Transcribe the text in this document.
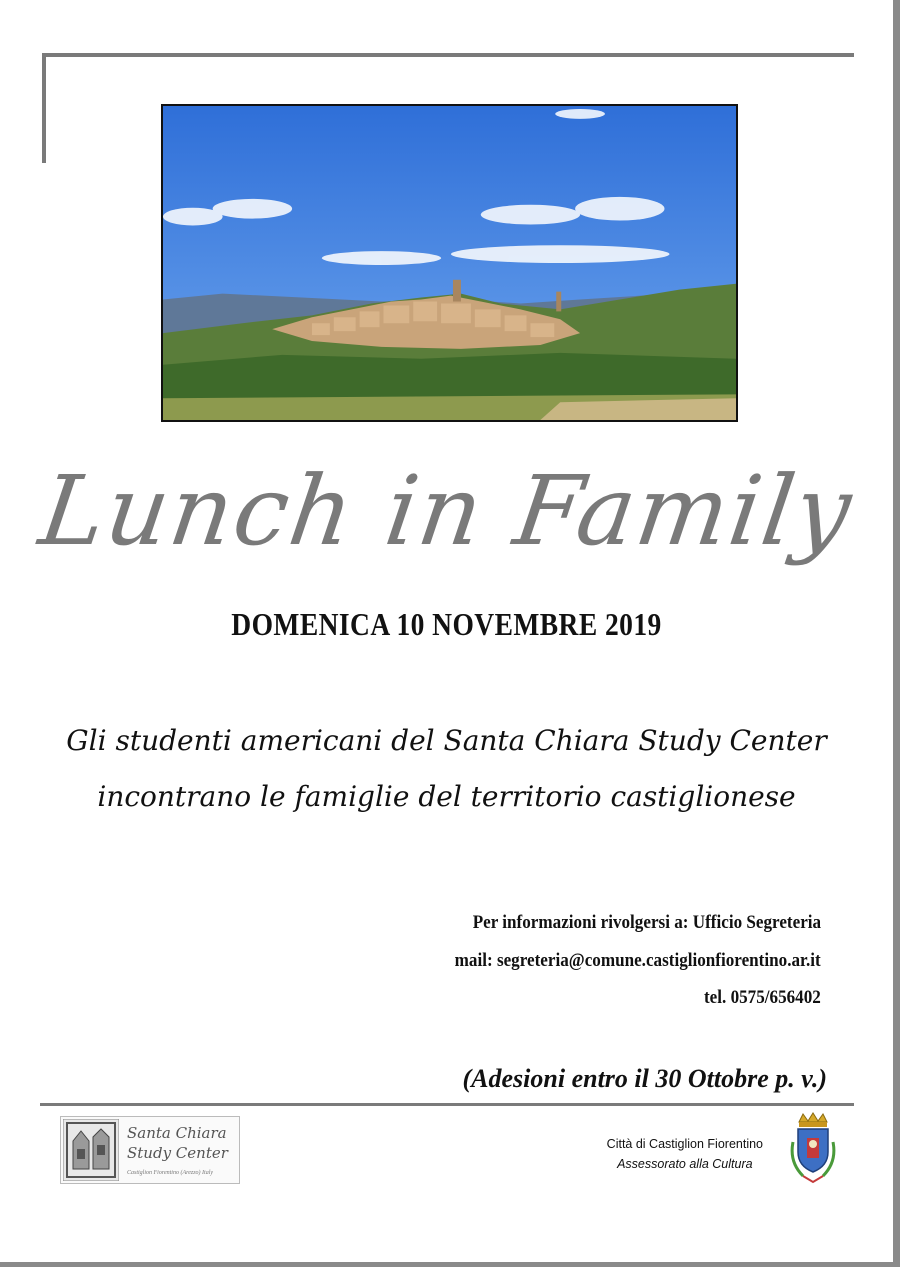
Lunch in Family
DOMENICA 10 NOVEMBRE 2019
Gli studenti americani del Santa Chiara Study Center
incontrano le famiglie del territorio castiglionese
Per informazioni rivolgersi a: Ufficio Segreteria
mail: segreteria@comune.castiglionfiorentino.ar.it
tel. 0575/656402
(Adesioni entro il 30 Ottobre p. v.)
Santa Chiara
Study Center
Castiglion Fiorentino (Arezzo) Italy
Città di Castiglion Fiorentino
Assessorato alla Cultura
